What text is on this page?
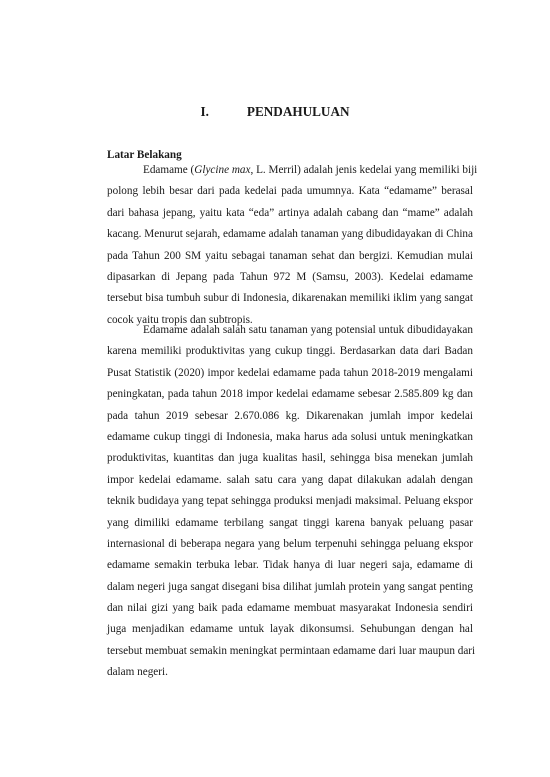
I.	PENDAHULUAN
Latar Belakang
Edamame (Glycine max, L. Merril) adalah jenis kedelai yang memiliki biji
polong lebih besar dari pada kedelai pada umumnya. Kata “edamame” berasal
dari bahasa jepang, yaitu kata “eda” artinya adalah cabang dan “mame” adalah
kacang. Menurut sejarah, edamame adalah tanaman yang dibudidayakan di China
pada Tahun 200 SM yaitu sebagai tanaman sehat dan bergizi. Kemudian mulai
dipasarkan di Jepang pada Tahun 972 M (Samsu, 2003). Kedelai edamame
tersebut bisa tumbuh subur di Indonesia, dikarenakan memiliki iklim yang sangat
cocok yaitu tropis dan subtropis.
Edamame adalah salah satu tanaman yang potensial untuk dibudidayakan
karena memiliki produktivitas yang cukup tinggi. Berdasarkan data dari Badan
Pusat Statistik (2020) impor kedelai edamame pada tahun 2018-2019 mengalami
peningkatan, pada tahun 2018 impor kedelai edamame sebesar 2.585.809 kg dan
pada tahun 2019 sebesar 2.670.086 kg. Dikarenakan jumlah impor kedelai
edamame cukup tinggi di Indonesia, maka harus ada solusi untuk meningkatkan
produktivitas, kuantitas dan juga kualitas hasil, sehingga bisa menekan jumlah
impor kedelai edamame. salah satu cara yang dapat dilakukan adalah dengan
teknik budidaya yang tepat sehingga produksi menjadi maksimal. Peluang ekspor
yang dimiliki edamame terbilang sangat tinggi karena banyak peluang pasar
internasional di beberapa negara yang belum terpenuhi sehingga peluang ekspor
edamame semakin terbuka lebar. Tidak hanya di luar negeri saja, edamame di
dalam negeri juga sangat disegani bisa dilihat jumlah protein yang sangat penting
dan nilai gizi yang baik pada edamame membuat masyarakat Indonesia sendiri
juga menjadikan edamame untuk layak dikonsumsi. Sehubungan dengan hal
tersebut membuat semakin meningkat permintaan edamame dari luar maupun dari
dalam negeri.
